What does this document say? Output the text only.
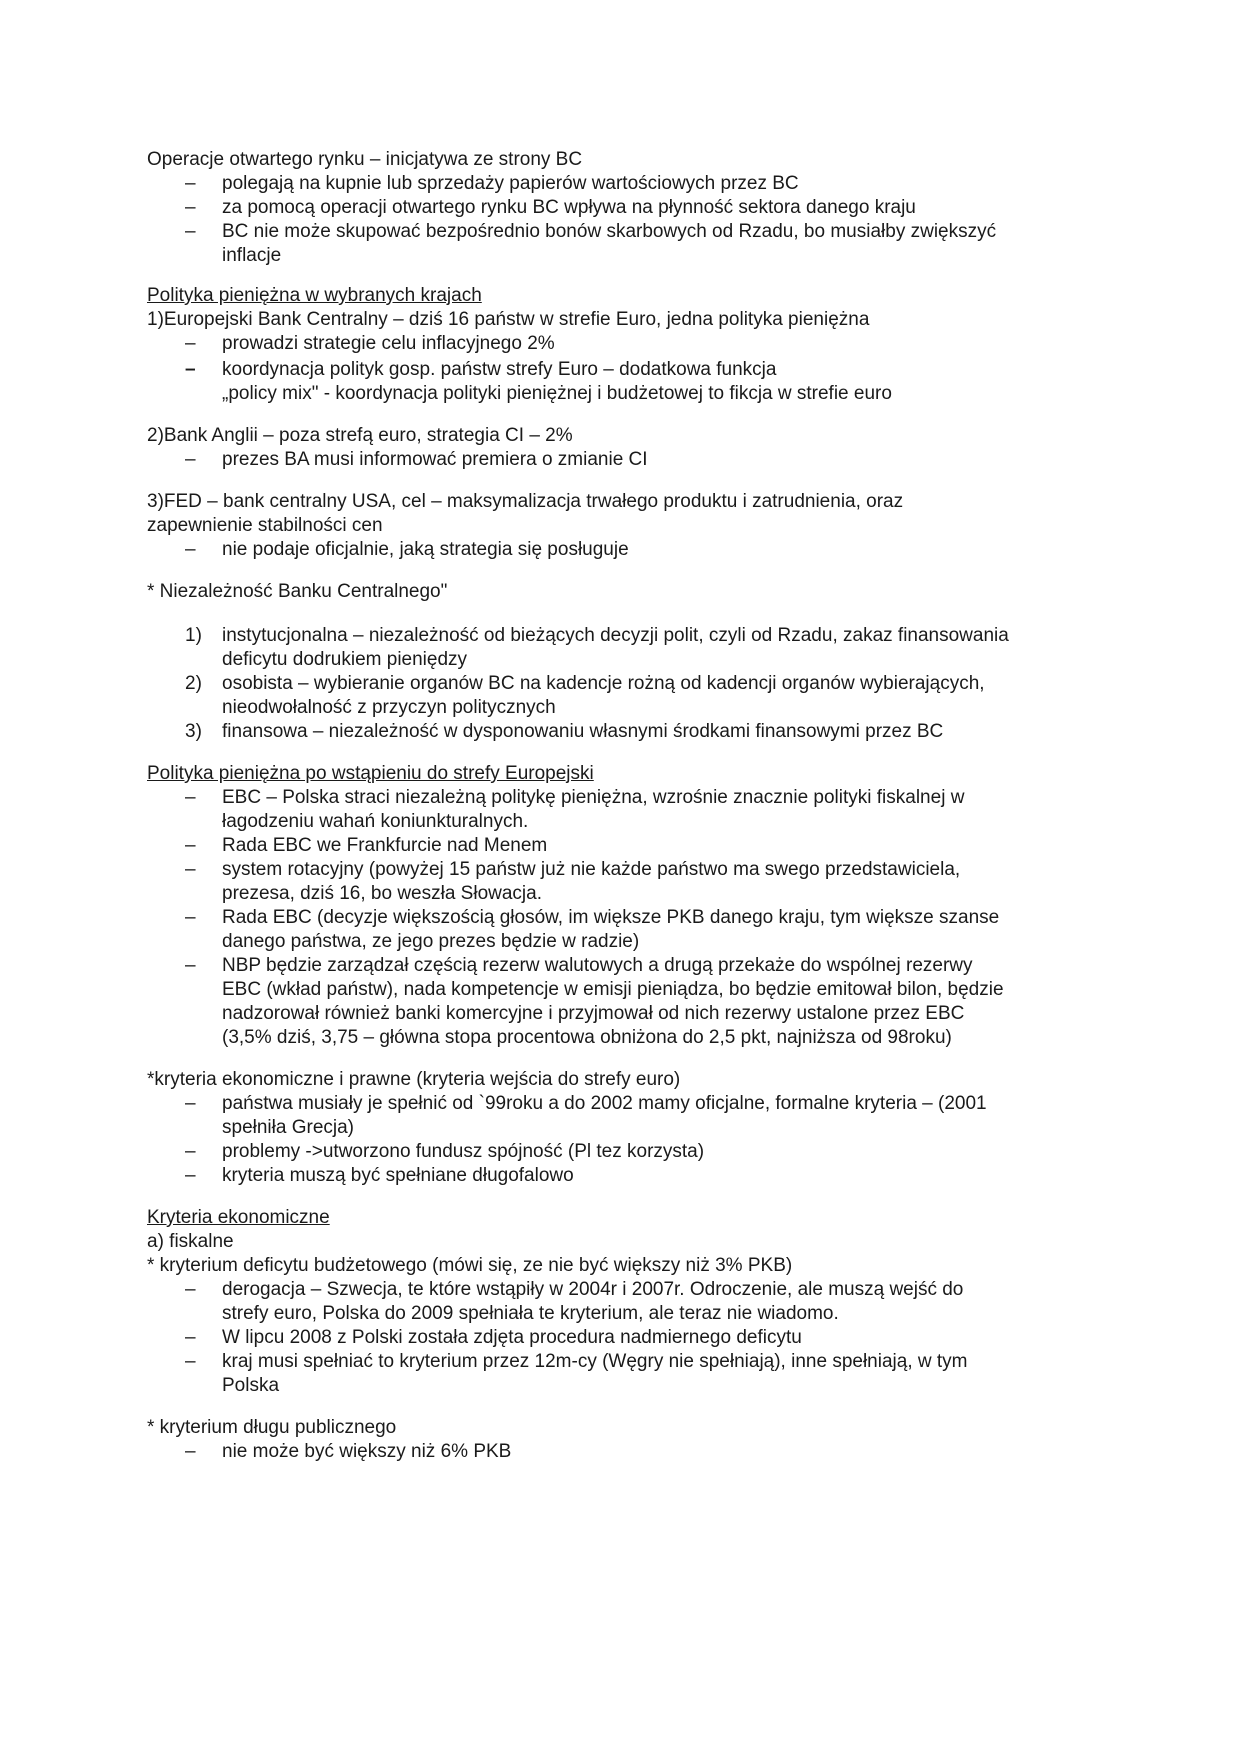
Operacje otwartego rynku – inicjatywa ze strony BC
– polegają na kupnie lub sprzedaży papierów wartościowych przez BC
– za pomocą operacji otwartego rynku BC wpływa na płynność sektora danego kraju
– BC nie może skupować bezpośrednio bonów skarbowych od Rzadu, bo musiałby zwiększyć
inflacje
Polityka pieniężna w wybranych krajach
1)Europejski Bank Centralny – dziś 16 państw w strefie Euro, jedna polityka pieniężna
– prowadzi strategie celu inflacyjnego 2%
– koordynacja polityk gosp. państw strefy Euro – dodatkowa funkcja
„policy mix" - koordynacja polityki pieniężnej i budżetowej to fikcja w strefie euro
2)Bank Anglii – poza strefą euro, strategia CI – 2%
– prezes BA musi informować premiera o zmianie CI
3)FED – bank centralny USA, cel – maksymalizacja trwałego produktu i zatrudnienia, oraz
zapewnienie stabilności cen
– nie podaje oficjalnie, jaką strategia się posługuje
* Niezależność Banku Centralnego"
1) instytucjonalna – niezależność od bieżących decyzji polit, czyli od Rzadu, zakaz finansowania
deficytu dodrukiem pieniędzy
2) osobista – wybieranie organów BC na kadencje rożną od kadencji organów wybierających,
nieodwołalność z przyczyn politycznych
3) finansowa – niezależność w dysponowaniu własnymi środkami finansowymi przez BC
Polityka pieniężna po wstąpieniu do strefy Europejski
– EBC – Polska straci niezależną politykę pieniężna, wzrośnie znacznie polityki fiskalnej w
łagodzeniu wahań koniunkturalnych.
– Rada EBC we Frankfurcie nad Menem
– system rotacyjny (powyżej 15 państw już nie każde państwo ma swego przedstawiciela,
prezesa, dziś 16, bo weszła Słowacja.
– Rada EBC (decyzje większością głosów, im większe PKB danego kraju, tym większe szanse
danego państwa, ze jego prezes będzie w radzie)
– NBP będzie zarządzał częścią rezerw walutowych a drugą przekaże do wspólnej rezerwy
EBC (wkład państw), nada kompetencje w emisji pieniądza, bo będzie emitował bilon, będzie
nadzorował również banki komercyjne i przyjmował od nich rezerwy ustalone przez EBC
(3,5% dziś, 3,75 – główna stopa procentowa obniżona do 2,5 pkt, najniższa od 98roku)
*kryteria ekonomiczne i prawne (kryteria wejścia do strefy euro)
– państwa musiały je spełnić od `99roku a do 2002 mamy oficjalne, formalne kryteria – (2001
spełniła Grecja)
– problemy ->utworzono fundusz spójność (Pl tez korzysta)
– kryteria muszą być spełniane długofalowo
Kryteria ekonomiczne
a) fiskalne
* kryterium deficytu budżetowego (mówi się, ze nie być większy niż 3% PKB)
– derogacja – Szwecja, te które wstąpiły w 2004r i 2007r. Odroczenie, ale muszą wejść do
strefy euro, Polska do 2009 spełniała te kryterium, ale teraz nie wiadomo.
– W lipcu 2008 z Polski została zdjęta procedura nadmiernego deficytu
– kraj musi spełniać to kryterium przez 12m-cy (Węgry nie spełniają), inne spełniają, w tym
Polska
* kryterium długu publicznego
– nie może być większy niż 6% PKB
